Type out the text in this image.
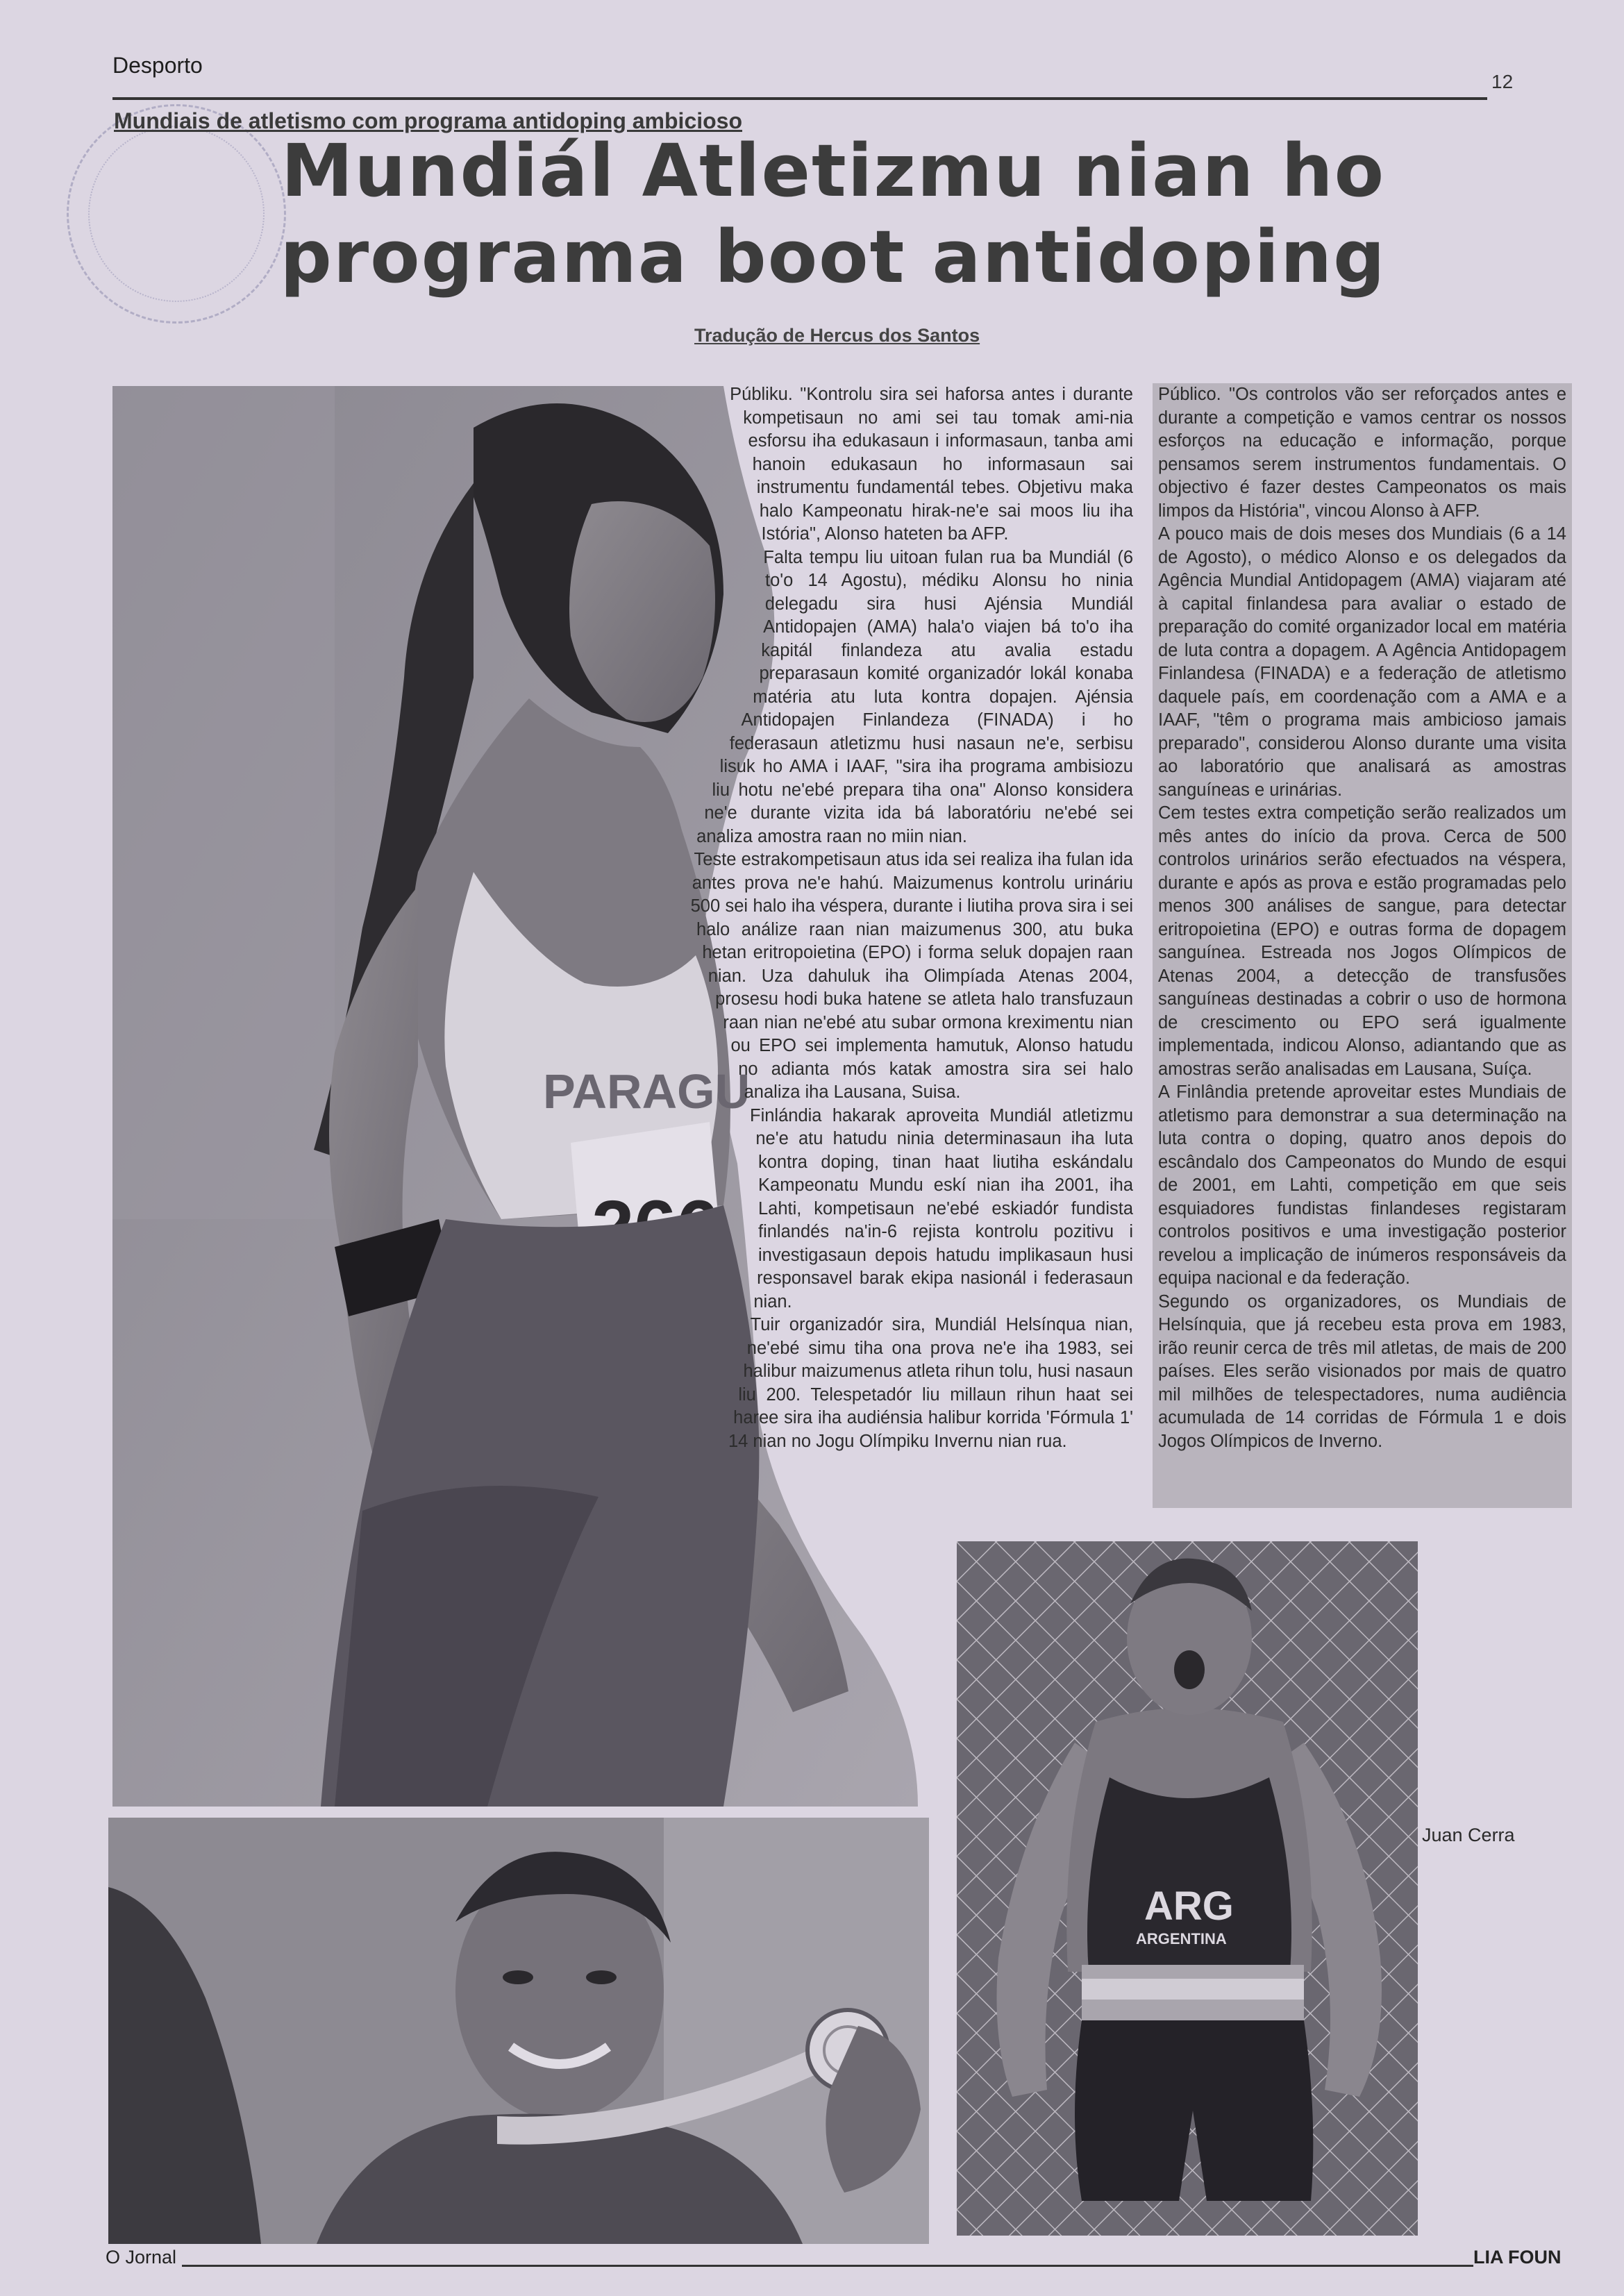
Desporto
12
Mundiais de atletismo com programa antidoping ambicioso
Mundiál Atletizmu nian ho programa boot antidoping
Tradução de Hercus dos Santos
PARAGU

Públiku. "Kontrolu sira sei haforsa antes i durante kompetisaun no ami sei tau tomak ami-nia esforsu iha edukasaun i informasaun, tanba ami hanoin edukasaun ho informasaun sai instrumentu fundamentál tebes. Objetivu maka halo Kampeonatu hirak-ne'e sai moos liu iha Istória", Alonso hateten ba AFP.

Falta tempu liu uitoan fulan rua ba Mundiál (6 to'o 14 Agostu), médiku Alonsu ho ninia delegadu sira husi Ajénsia Mundiál Antidopajen (AMA) hala'o viajen bá to'o iha kapitál finlandeza atu avalia estadu preparasaun komité organizadór lokál konaba matéria atu luta kontra dopajen. Ajénsia Antidopajen Finlandeza (FINADA) i ho federasaun atletizmu husi nasaun ne'e, serbisu lisuk ho AMA i IAAF, "sira iha programa ambisiozu liu hotu ne'ebé prepara tiha ona" Alonso konsidera ne'e durante vizita ida bá laboratóriu ne'ebé sei analiza amostra raan no miin nian.

Teste estrakompetisaun atus ida sei realiza iha fulan ida antes prova ne'e hahú. Maizumenus kontrolu urináriu 500 sei halo iha véspera, durante i liutiha prova sira i sei halo análize raan nian maizumenus 300, atu buka hetan eritropoietina (EPO) i forma seluk dopajen raan nian. Uza dahuluk iha Olimpíada Atenas 2004, prosesu hodi buka hatene se atleta halo transfuzaun raan nian ne'ebé atu subar ormona kreximentu nian ou EPO sei implementa hamutuk, Alonso hatudu no adianta mós katak amostra sira sei halo analiza iha Lausana, Suisa.

Finlándia hakarak aproveita Mundiál atletizmu ne'e atu hatudu ninia determinasaun iha luta kontra doping, tinan haat liutiha eskándalu Kampeonatu Mundu eskí nian iha 2001, iha Lahti, kompetisaun ne'ebé eskiadór fundista finlandés na'in-6 rejista kontrolu pozitivu i investigasaun depois hatudu implikasaun husi responsavel barak ekipa nasionál i federasaun nian.

Tuir organizadór sira, Mundiál Helsínqua nian, ne'ebé simu tiha ona prova ne'e iha 1983, sei halibur maizumenus atleta rihun tolu, husi nasaun liu 200. Telespetadór liu millaun rihun haat sei haree sira iha audiénsia halibur korrida 'Fórmula 1' 14 nian no Jogu Olímpiku Invernu nian rua.

Público. "Os controlos vão ser reforçados antes e durante a competição e vamos centrar os nossos esforços na educação e informação, porque pensamos serem instrumentos fundamentais. O objectivo é fazer destes Campeonatos os mais limpos da História", vincou Alonso à AFP.

A pouco mais de dois meses dos Mundiais (6 a 14 de Agosto), o médico Alonso e os delegados da Agência Mundial Antidopagem (AMA) viajaram até à capital finlandesa para avaliar o estado de preparação do comité organizador local em matéria de luta contra a dopagem. A Agência Antidopagem Finlandesa (FINADA) e a federação de atletismo daquele país, em coordenação com a AMA e a IAAF, "têm o programa mais ambicioso jamais preparado", considerou Alonso durante uma visita ao laboratório que analisará as amostras sanguíneas e urinárias.

Cem testes extra competição serão realizados um mês antes do início da prova. Cerca de 500 controlos urinários serão efectuados na véspera, durante e após as prova e estão programadas pelo menos 300 análises de sangue, para detectar eritropoietina (EPO) e outras forma de dopagem sanguínea. Estreada nos Jogos Olímpicos de Atenas 2004, a detecção de transfusões sanguíneas destinadas a cobrir o uso de hormona de crescimento ou EPO será igualmente implementada, indicou Alonso, adiantando que as amostras serão analisadas em Lausana, Suíça.

A Finlândia pretende aproveitar estes Mundiais de atletismo para demonstrar a sua determinação na luta contra o doping, quatro anos depois do escândalo dos Campeonatos do Mundo de esqui de 2001, em Lahti, competição em que seis esquiadores fundistas finlandeses registaram controlos positivos e uma investigação posterior revelou a implicação de inúmeros responsáveis da equipa nacional e da federação.

Segundo os organizadores, os Mundiais de Helsínquia, que já recebeu esta prova em 1983, irão reunir cerca de três mil atletas, de mais de 200 países. Eles serão visionados por mais de quatro mil milhões de telespectadores, numa audiência acumulada de 14 corridas de Fórmula 1 e dois Jogos Olímpicos de Inverno.

ARG
ARGENTINA
Juan Cerra
O Jornal	LIA FOUN
